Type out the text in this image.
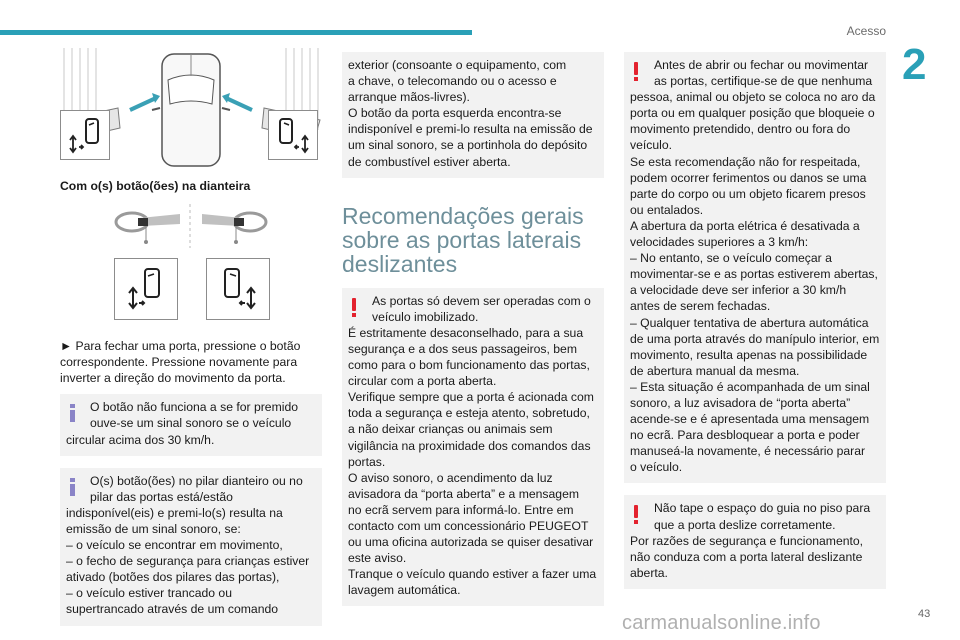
Acesso
2
Com o(s) botão(ões) na dianteira
► Para fechar uma porta, pressione o botão correspondente. Pressione novamente para inverter a direção do movimento da porta.
O botão não funciona a se for premido
ouve-se um sinal sonoro se o veículo
circular acima dos 30 km/h.
O(s) botão(ões) no pilar dianteiro ou no
pilar das portas está/estão
indisponível(eis) e premi-lo(s) resulta na
emissão de um sinal sonoro, se:
– o veículo se encontrar em movimento,
– o fecho de segurança para crianças estiver
ativado (botões dos pilares das portas),
– o veículo estiver trancado ou
supertrancado através de um comando
exterior (consoante o equipamento, com
a chave, o telecomando ou o acesso e
arranque mãos-livres).
O botão da porta esquerda encontra-se
indisponível e premi-lo resulta na emissão de
um sinal sonoro, se a portinhola do depósito
de combustível estiver aberta.
Recomendações gerais
sobre as portas laterais
deslizantes
As portas só devem ser operadas com o
veículo imobilizado.
É estritamente desaconselhado, para a sua
segurança e a dos seus passageiros, bem
como para o bom funcionamento das portas,
circular com a porta aberta.
Verifique sempre que a porta é acionada com
toda a segurança e esteja atento, sobretudo,
a não deixar crianças ou animais sem
vigilância na proximidade dos comandos das
portas.
O aviso sonoro, o acendimento da luz
avisadora da “porta aberta” e a mensagem
no ecrã servem para informá-lo. Entre em
contacto com um concessionário PEUGEOT
ou uma oficina autorizada se quiser desativar
este aviso.
Tranque o veículo quando estiver a fazer uma
lavagem automática.
Antes de abrir ou fechar ou movimentar
as portas, certifique-se de que nenhuma
pessoa, animal ou objeto se coloca no aro da
porta ou em qualquer posição que bloqueie o
movimento pretendido, dentro ou fora do
veículo.
Se esta recomendação não for respeitada,
podem ocorrer ferimentos ou danos se uma
parte do corpo ou um objeto ficarem presos
ou entalados.
A abertura da porta elétrica é desativada a
velocidades superiores a 3 km/h:
– No entanto, se o veículo começar a
movimentar-se e as portas estiverem abertas,
a velocidade deve ser inferior a 30 km/h
antes de serem fechadas.
– Qualquer tentativa de abertura automática
de uma porta através do manípulo interior, em
movimento, resulta apenas na possibilidade
de abertura manual da mesma.
– Esta situação é acompanhada de um sinal
sonoro, a luz avisadora de “porta aberta”
acende-se e é apresentada uma mensagem
no ecrã. Para desbloquear a porta e poder
manuseá-la novamente, é necessário parar
o veículo.
Não tape o espaço do guia no piso para
que a porta deslize corretamente.
Por razões de segurança e funcionamento,
não conduza com a porta lateral deslizante
aberta.
carmanualsonline.info	43
